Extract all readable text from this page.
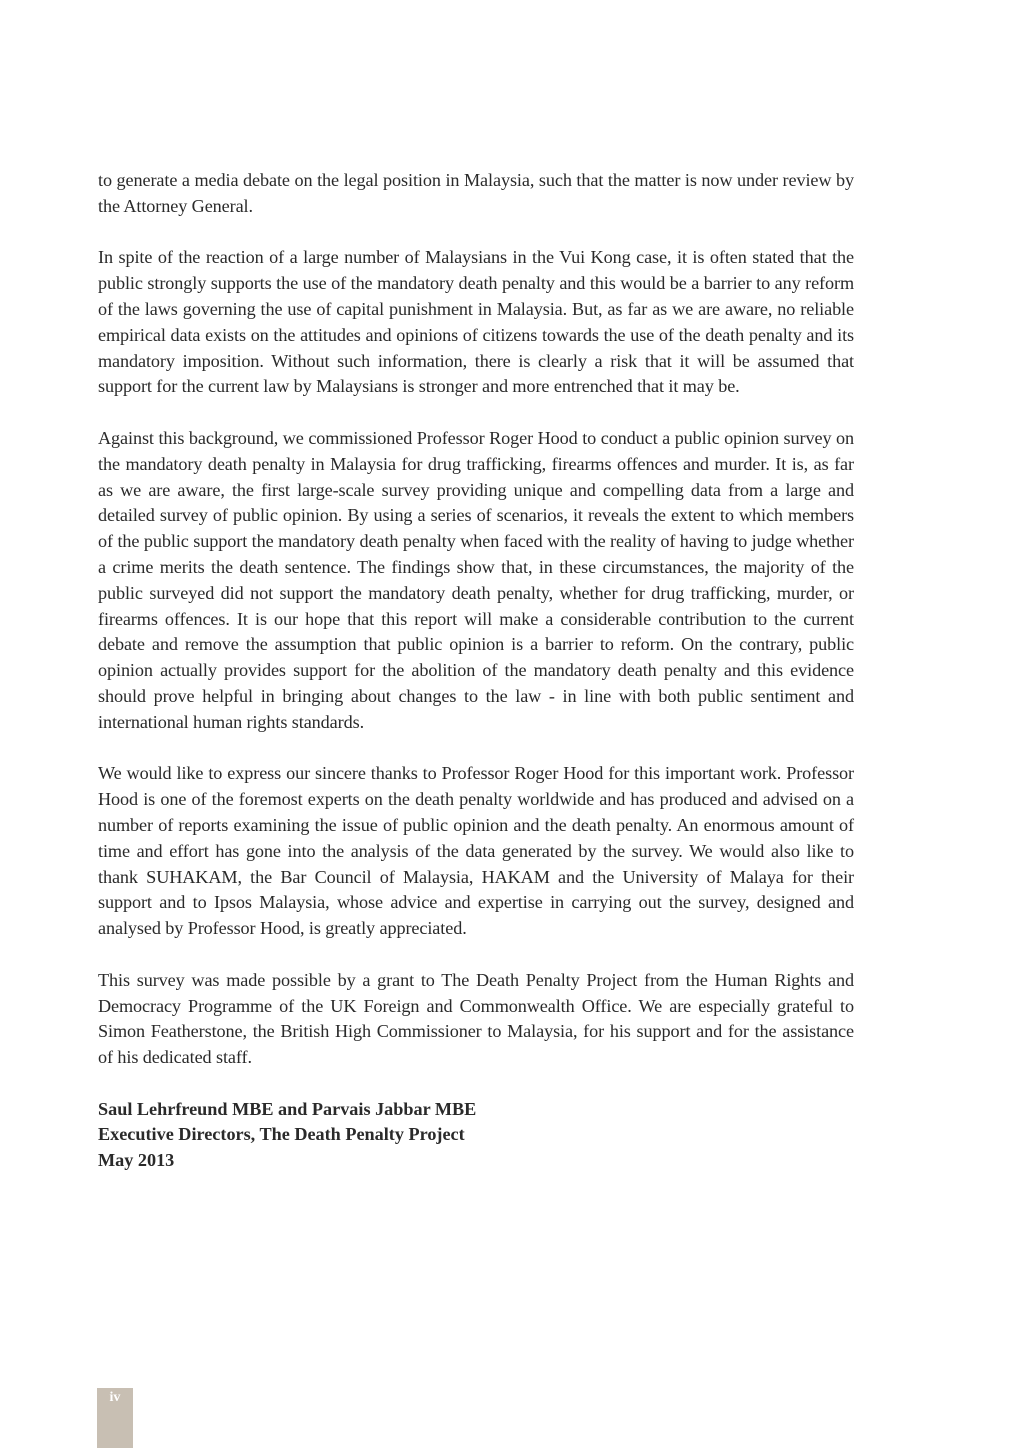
to generate a media debate on the legal position in Malaysia, such that the matter is now under review by the Attorney General.

In spite of the reaction of a large number of Malaysians in the Vui Kong case, it is often stated that the public strongly supports the use of the mandatory death penalty and this would be a barrier to any reform of the laws governing the use of capital punishment in Malaysia. But, as far as we are aware, no reliable empirical data exists on the attitudes and opinions of citizens towards the use of the death penalty and its mandatory imposition. Without such information, there is clearly a risk that it will be assumed that support for the current law by Malaysians is stronger and more entrenched that it may be.

Against this background, we commissioned Professor Roger Hood to conduct a public opinion survey on the mandatory death penalty in Malaysia for drug trafficking, firearms offences and murder. It is, as far as we are aware, the first large-scale survey providing unique and compelling data from a large and detailed survey of public opinion. By using a series of scenarios, it reveals the extent to which members of the public support the mandatory death penalty when faced with the reality of having to judge whether a crime merits the death sentence. The findings show that, in these circumstances, the majority of the public surveyed did not support the mandatory death penalty, whether for drug trafficking, murder, or firearms offences. It is our hope that this report will make a considerable contribution to the current debate and remove the assumption that public opinion is a barrier to reform. On the contrary, public opinion actually provides support for the abolition of the mandatory death penalty and this evidence should prove helpful in bringing about changes to the law - in line with both public sentiment and international human rights standards.

We would like to express our sincere thanks to Professor Roger Hood for this important work. Professor Hood is one of the foremost experts on the death penalty worldwide and has produced and advised on a number of reports examining the issue of public opinion and the death penalty. An enormous amount of time and effort has gone into the analysis of the data generated by the survey. We would also like to thank SUHAKAM, the Bar Council of Malaysia, HAKAM and the University of Malaya for their support and to Ipsos Malaysia, whose advice and expertise in carrying out the survey, designed and analysed by Professor Hood, is greatly appreciated.

This survey was made possible by a grant to The Death Penalty Project from the Human Rights and Democracy Programme of the UK Foreign and Commonwealth Office. We are especially grateful to Simon Featherstone, the British High Commissioner to Malaysia, for his support and for the assistance of his dedicated staff.

Saul Lehrfreund MBE and Parvais Jabbar MBE
Executive Directors, The Death Penalty Project
May 2013
iv
